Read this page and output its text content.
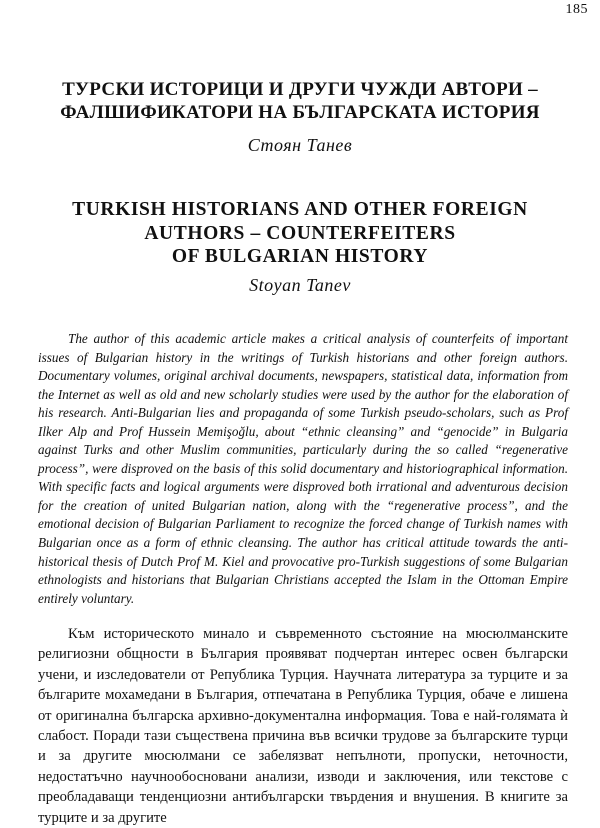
185
ТУРСКИ ИСТОРИЦИ И ДРУГИ ЧУЖДИ АВТОРИ –
ФАЛШИФИКАТОРИ НА БЪЛГАРСКАТА ИСТОРИЯ
Стоян Танев
TURKISH HISTORIANS AND OTHER FOREIGN
AUTHORS – COUNTERFEITERS
OF BULGARIAN HISTORY
Stoyan Tanev

The author of this academic article makes a critical analysis of counterfeits of important issues of Bulgarian history in the writings of Turkish historians and other foreign authors. Documentary volumes, original archival documents, newspapers, statistical data, information from the Internet as well as old and new scholarly studies were used by the author for the elaboration of his research. Anti-Bulgarian lies and propaganda of some Turkish pseudo-scholars, such as Prof Ilker Alp and Prof Hussein Memişoğlu, about “ethnic cleansing” and “genocide” in Bulgaria against Turks and other Muslim communities, particularly during the so called “regenerative process”, were disproved on the basis of this solid documentary and historiographical information. With specific facts and logical arguments were disproved both irrational and adventurous decision for the creation of united Bulgarian nation, along with the “regenerative process”, and the emotional decision of Bulgarian Parliament to recognize the forced change of Turkish names with Bulgarian once as a form of ethnic cleansing. The author has critical attitude towards the anti-historical thesis of Dutch Prof M. Kiel and provocative pro-Turkish suggestions of some Bulgarian ethnologists and historians that Bulgarian Christians accepted the Islam in the Ottoman Empire entirely voluntary.

Към историческото минало и съвременното състояние на мюсюлманските религиозни общности в България проявяват подчертан интерес освен български учени, и изследователи от Република Турция. Научната литература за турците и за българите мохамедани в България, отпечатана в Република Турция, обаче е лишена от оригинална българска архивно-документална информация. Това е най-голямата ѝ слабост. Поради тази съществена причина във всички трудове за българските турци и за другите мюсюлмани се забелязват непълноти, пропуски, неточности, недостатъчно научнообосновани анализи, изводи и заключения, или текстове с преобладаващи тенденциозни антибългарски твърдения и внушения. В книгите за турците и за другите
